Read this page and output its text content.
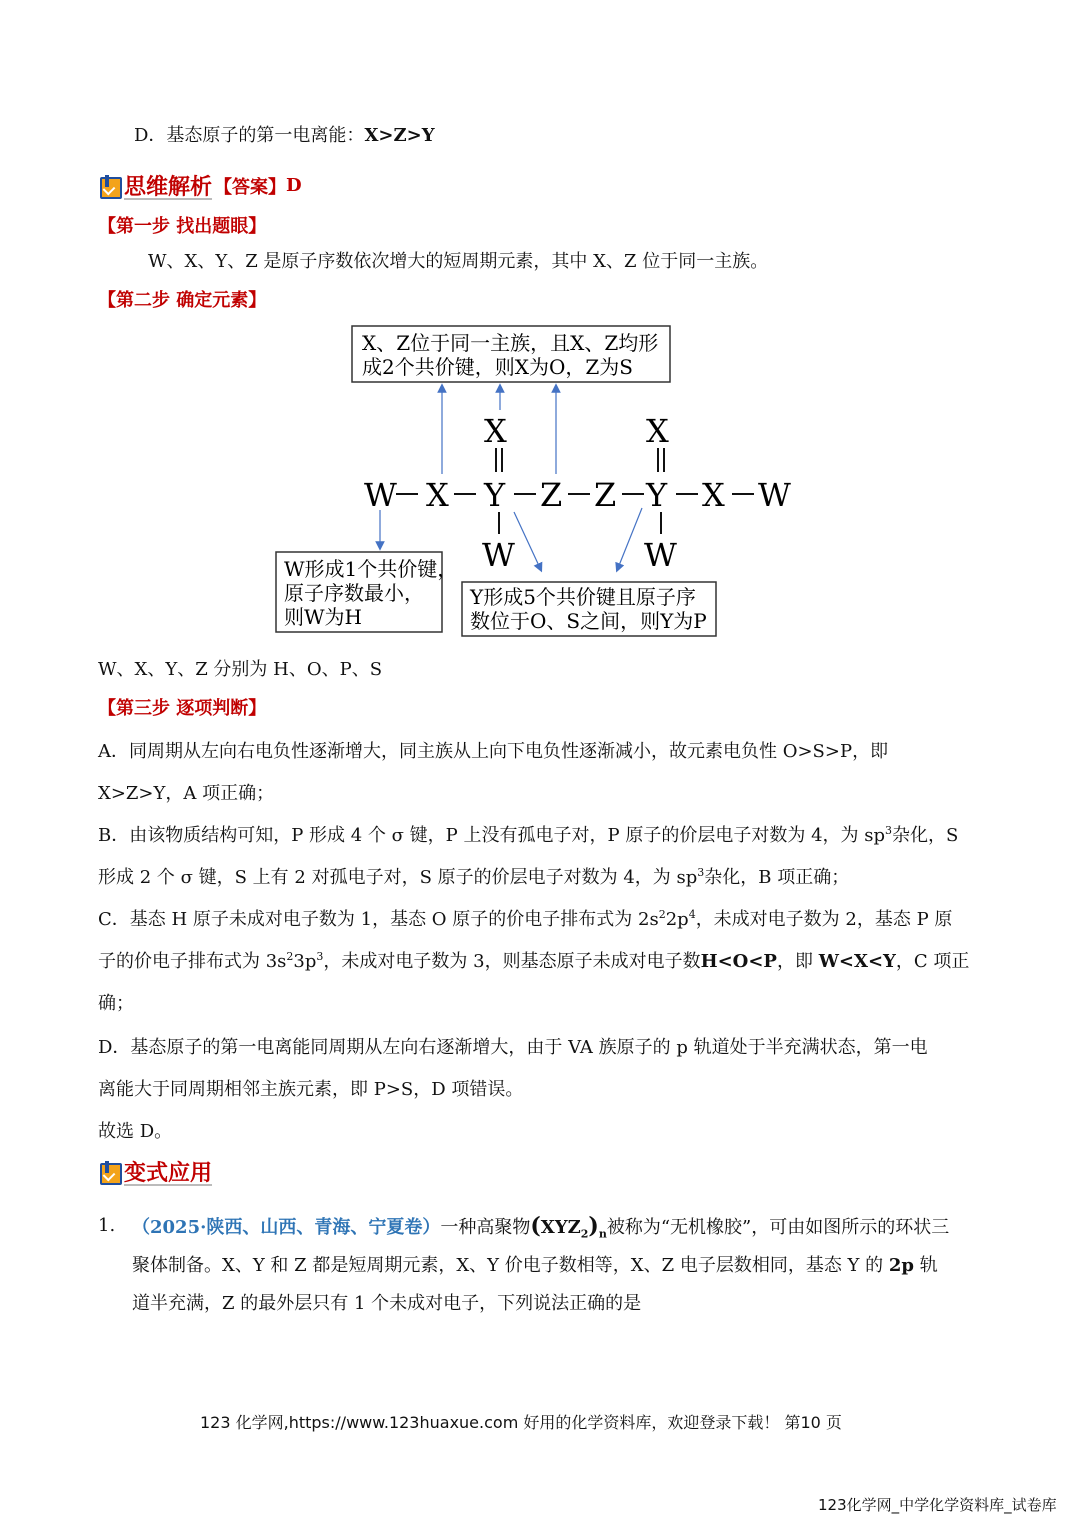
D．基态原子的第一电离能：X>Z>Y
思维解析 【答案】 D
【第一步 找出题眼】
W、X、Y、Z 是原子序数依次增大的短周期元素，其中 X、Z 位于同一主族。
【第二步 确定元素】
X、Z位于同一主族，且X、Z均形
成2个共价键，则X为O，Z为S
X	X
W X Y Z Z Y X W
W	W
W形成1个共价键，
原子序数最小，
则W为H
Y形成5个共价键且原子序
数位于O、S之间，则Y为P
W、X、Y、Z 分别为 H、O、P、S
【第三步 逐项判断】
A．同周期从左向右电负性逐渐增大，同主族从上向下电负性逐渐减小，故元素电负性 O>S>P，即
X>Z>Y，A 项正确；
B．由该物质结构可知，P 形成 4 个 σ 键，P 上没有孤电子对，P 原子的价层电子对数为 4，为 $sp^3$杂化，S
形成 2 个 σ 键，S 上有 2 对孤电子对，S 原子的价层电子对数为 4，为 $sp^3$杂化，B 项正确；
C．基态 H 原子未成对电子数为 1，基态 O 原子的价电子排布式为 $2s^22p^4$，未成对电子数为 2，基态 P 原
子的价电子排布式为 $3s^23p^3$，未成对电子数为 3，则基态原子未成对电子数H<O<P，即 W<X<Y，C 项正
确；
D．基态原子的第一电离能同周期从左向右逐渐增大，由于 VA 族原子的 p 轨道处于半充满状态，第一电
离能大于同周期相邻主族元素，即 P>S，D 项错误。
故选 D。
变式应用
1. （2025·陕西、山西、青海、宁夏卷）一种高聚物$(XYZ_2)_n$被称为“无机橡胶”，可由如图所示的环状三
聚体制备。X、Y 和 Z 都是短周期元素，X、Y 价电子数相等，X、Z 电子层数相同，基态 Y 的 2p 轨
道半充满，Z 的最外层只有 1 个未成对电子，下列说法正确的是
123 化学网,https://www.123huaxue.com 好用的化学资料库，欢迎登录下载！ 第10 页
123化学网_中学化学资料库_试卷库
